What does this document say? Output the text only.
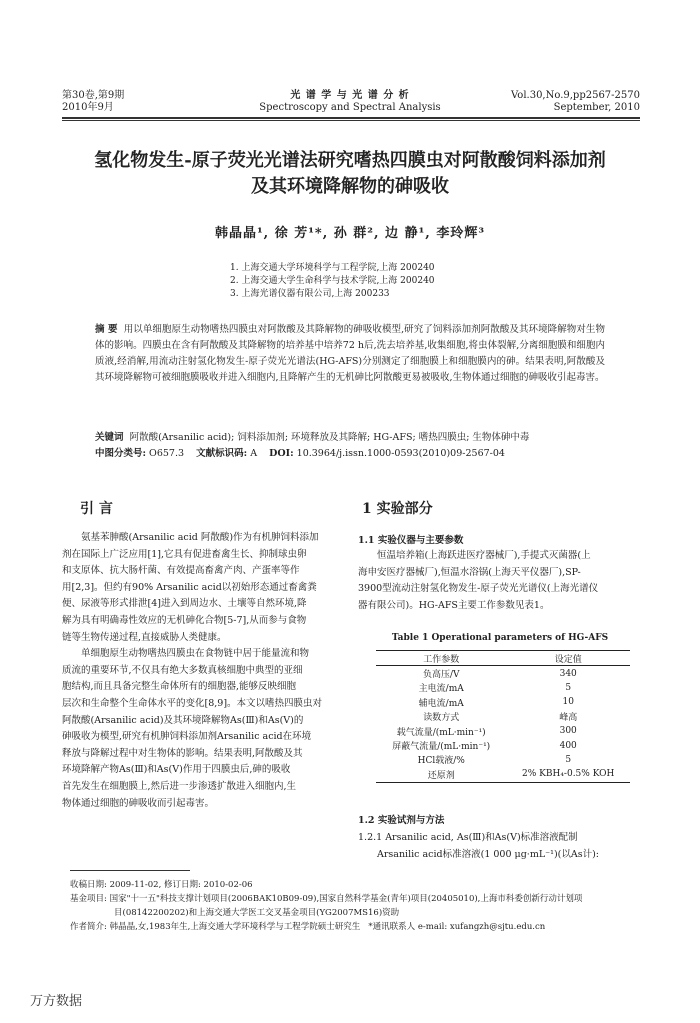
第30卷,第9期
2010年9月
光 谱 学 与 光 谱 分 析
Spectroscopy and Spectral Analysis
Vol.30,No.9,pp2567-2570
September, 2010
氢化物发生-原子荧光光谱法研究嗜热四膜虫对阿散酸饲料添加剂
及其环境降解物的砷吸收
韩晶晶¹, 徐 芳¹*, 孙 群², 边 静¹, 李玲辉³
1. 上海交通大学环境科学与工程学院,上海 200240
2. 上海交通大学生命科学与技术学院,上海 200240
3. 上海光谱仪器有限公司,上海 200233
摘 要 用以单细胞原生动物嗜热四膜虫对阿散酸及其降解物的砷吸收模型,研究了饲料添加剂阿散酸及其环境降解物对生物体的影响。四膜虫在含有阿散酸及其降解物的培养基中培养72 h后,洗去培养基,收集细胞,将虫体裂解,分离细胞膜和细胞内质液,经消解,用流动注射氢化物发生-原子荧光光谱法(HG-AFS)分别测定了细胞膜上和细胞膜内的砷。结果表明,阿散酸及其环境降解物可被细胞膜吸收并进入细胞内,且降解产生的无机砷比阿散酸更易被吸收,生物体通过细胞的砷吸收引起毒害。
关键词 阿散酸(Arsanilic acid); 饲料添加剂; 环境释放及其降解; HG-AFS; 嗜热四膜虫; 生物体砷中毒
中图分类号: O657.3 文献标识码: A DOI: 10.3964/j.issn.1000-0593(2010)09-2567-04
引 言
氨基苯胂酸(Arsanilic acid 阿散酸)作为有机胂饲料添加
剂在国际上广泛应用[1],它具有促进畜禽生长、抑制球虫卵
和支原体、抗大肠杆菌、有效提高畜禽产肉、产蛋率等作
用[2,3]。但约有90% Arsanilic acid以初始形态通过畜禽粪
便、尿液等形式排泄[4]进入到周边水、土壤等自然环境,降
解为具有明确毒性效应的无机砷化合物[5-7],从而参与食物
链等生物传递过程,直接威胁人类健康。
单细胞原生动物嗜热四膜虫在食物链中居于能量流和物
质流的重要环节,不仅具有绝大多数真核细胞中典型的亚细
胞结构,而且具备完整生命体所有的细胞器,能够反映细胞
层次和生命整个生命体水平的变化[8,9]。本文以嗜热四膜虫对
阿散酸(Arsanilic acid)及其环境降解物As(Ⅲ)和As(Ⅴ)的
砷吸收为模型,研究有机胂饲料添加剂Arsanilic acid在环境
释放与降解过程中对生物体的影响。结果表明,阿散酸及其
环境降解产物As(Ⅲ)和As(Ⅴ)作用于四膜虫后,砷的吸收
首先发生在细胞膜上,然后进一步渗透扩散进入细胞内,生
物体通过细胞的砷吸收而引起毒害。
1 实验部分
1.1 实验仪器与主要参数
恒温培养箱(上海跃进医疗器械厂),手提式灭菌器(上
海申安医疗器械厂),恒温水浴锅(上海天平仪器厂),SP-
3900型流动注射氢化物发生-原子荧光光谱仪(上海光谱仪
器有限公司)。HG-AFS主要工作参数见表1。
Table 1 Operational parameters of HG-AFS
工作参数	设定值
负高压/V	340
主电流/mA	5
辅电流/mA	10
读数方式	峰高
载气流量/(mL·min⁻¹)	300
屏蔽气流量/(mL·min⁻¹)	400
HCl载液/%	5
还原剂	2% KBH₄-0.5% KOH
1.2 实验试剂与方法
1.2.1 Arsanilic acid, As(Ⅲ)和As(Ⅴ)标准溶液配制
Arsanilic acid标准溶液(1 000 μg·mL⁻¹)(以As计):
收稿日期: 2009-11-02, 修订日期: 2010-02-06
基金项目: 国家"十一五"科技支撑计划项目(2006BAK10B09-09),国家自然科学基金(青年)项目(20405010),上海市科委创新行动计划项
目(08142200202)和上海交通大学医工交叉基金项目(YG2007MS16)资助
作者简介: 韩晶晶,女,1983年生,上海交通大学环境科学与工程学院硕士研究生 *通讯联系人 e-mail: xufangzh@sjtu.edu.cn
万方数据
